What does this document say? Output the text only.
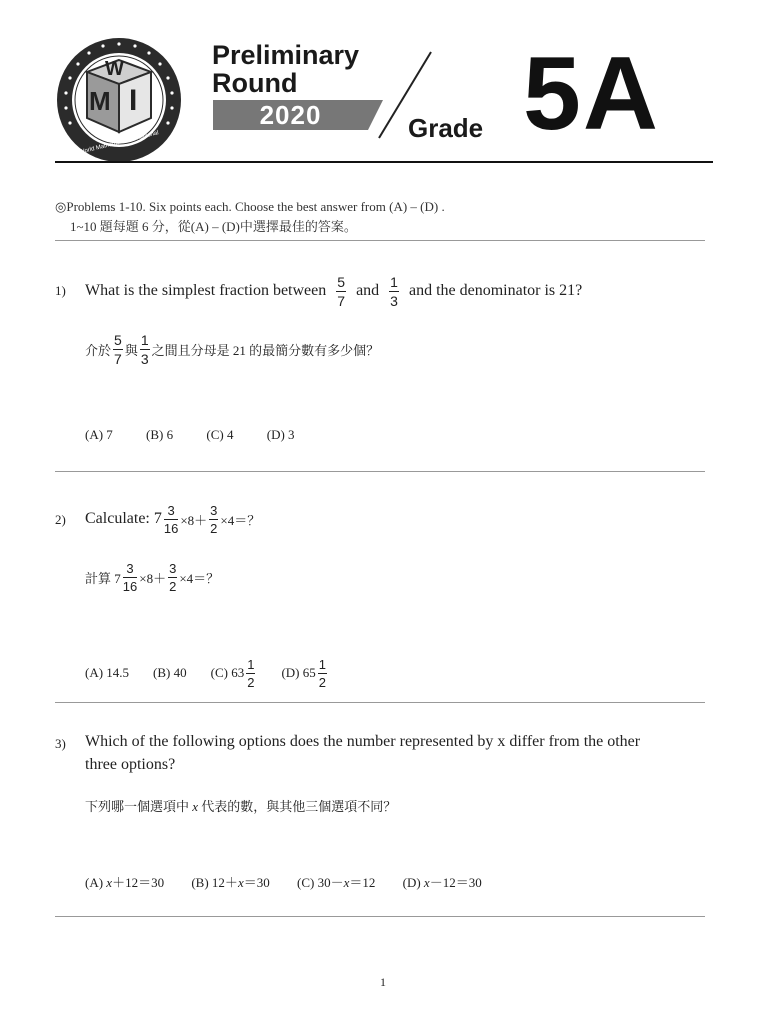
W
M I
World Mathematics Invitational
Preliminary
Round
2020	Grade 5A
◎Problems 1-10. Six points each. Choose the best answer from (A) – (D) .
1~10 題每題 6 分，從(A) – (D)中選擇最佳的答案。
1) What is the simplest fraction between
$\frac{5}{7}$
and
$\frac{1}{3}$
and the denominator is 21?
介於 $\frac{5}{7}$ 與 $\frac{1}{3}$ 之間且分母是 21 的最簡分數有多少個？
(A) 7	(B) 6	(C) 4	(D) 3
2) Calculate: $7 \frac{3}{16} \times 8+ \frac{3}{2} \times 4=$？
計算 $7 \frac{3}{16} \times 8+ \frac{3}{2} \times 4=$？
(A) 14.5 (B) 40 (C) $63 \frac{1}{2} (D)$ $65 \frac{1}{2}$
3) Which of the following options does the number represented by x differ from the other
three options?
下列哪一個選項中 x 代表的數，與其他三個選項不同？
(A) x＋12＝30 (B) 12＋x＝30 (C) 30－x＝12 (D) x－12＝30
1
